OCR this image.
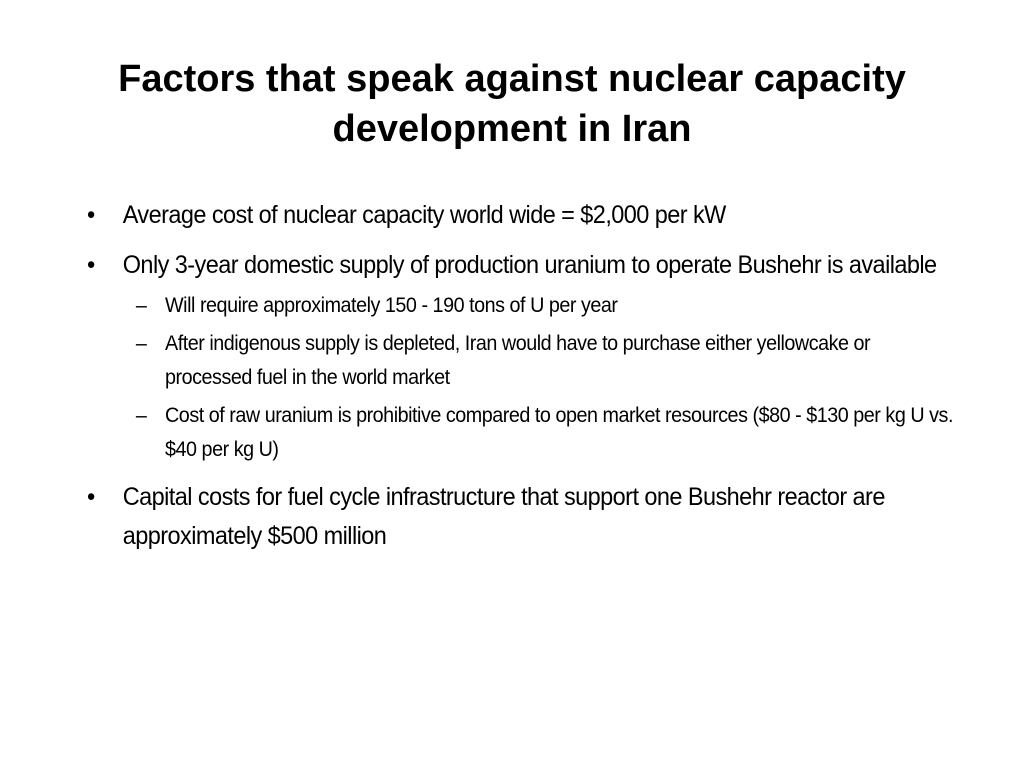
Factors that speak against nuclear capacity development in Iran
• Average cost of nuclear capacity world wide = $2,000 per kW
• Only 3-year domestic supply of production uranium to operate Bushehr is available
– Will require approximately 150 - 190 tons of U per year
– After indigenous supply is depleted, Iran would have to purchase either yellowcake or processed fuel in the world market
– Cost of raw uranium is prohibitive compared to open market resources ($80 - $130 per kg U vs. $40 per kg U)
• Capital costs for fuel cycle infrastructure that support one Bushehr reactor are approximately $500 million
